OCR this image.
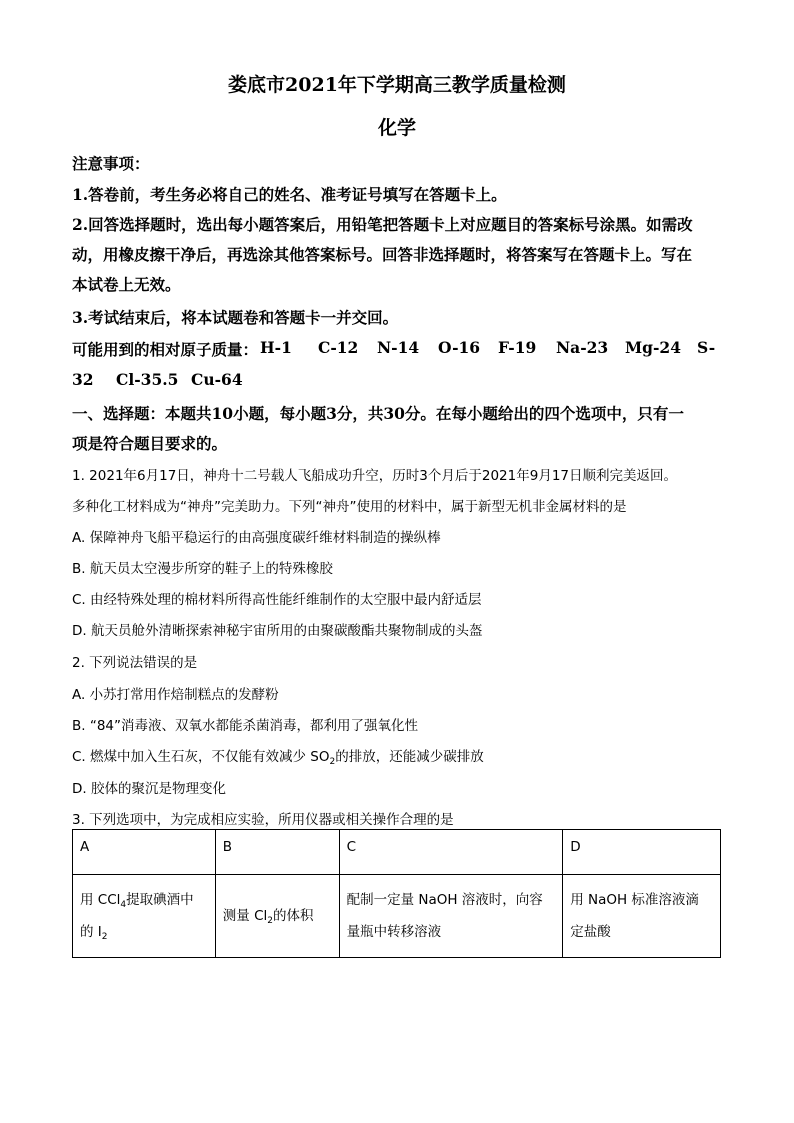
娄底市2021年下学期高三教学质量检测
化学
注意事项：
1.答卷前，考生务必将自己的姓名、准考证号填写在答题卡上。
2.回答选择题时，选出每小题答案后，用铅笔把答题卡上对应题目的答案标号涂黑。如需改
动，用橡皮擦干净后，再选涂其他答案标号。回答非选择题时，将答案写在答题卡上。写在
本试卷上无效。
3.考试结束后，将本试题卷和答题卡一并交回。
可能用到的相对原子质量： H-1 C-12 N-14 O-16 F-19 Na-23 Mg-24 S-
32 Cl-35.5 Cu-64
一、选择题：本题共10小题，每小题3分，共30分。在每小题给出的四个选项中，只有一
项是符合题目要求的。
1. 2021年6月17日，神舟十二号载人飞船成功升空，历时3个月后于2021年9月17日顺利完美返回。
多种化工材料成为“神舟”完美助力。下列“神舟”使用的材料中，属于新型无机非金属材料的是
A. 保障神舟飞船平稳运行的由高强度碳纤维材料制造的操纵棒
B. 航天员太空漫步所穿的鞋子上的特殊橡胶
C. 由经特殊处理的棉材料所得高性能纤维制作的太空服中最内舒适层
D. 航天员舱外清晰探索神秘宇宙所用的由聚碳酸酯共聚物制成的头盔
2. 下列说法错误的是
A. 小苏打常用作焙制糕点的发酵粉
B. “84”消毒液、双氧水都能杀菌消毒，都利用了强氧化性
C. 燃煤中加入生石灰，不仅能有效减少 $SO_2$的排放，还能减少碳排放
D. 胶体的聚沉是物理变化
3. 下列选项中，为完成相应实验，所用仪器或相关操作合理的是
A	B	C	D
用 CCl$_4$提取碘酒中
的 $I_2$	测量 $Cl_2$的体积	配制一定量 NaOH 溶液时，向容
量瓶中转移溶液	用 NaOH 标准溶液滴
定盐酸
